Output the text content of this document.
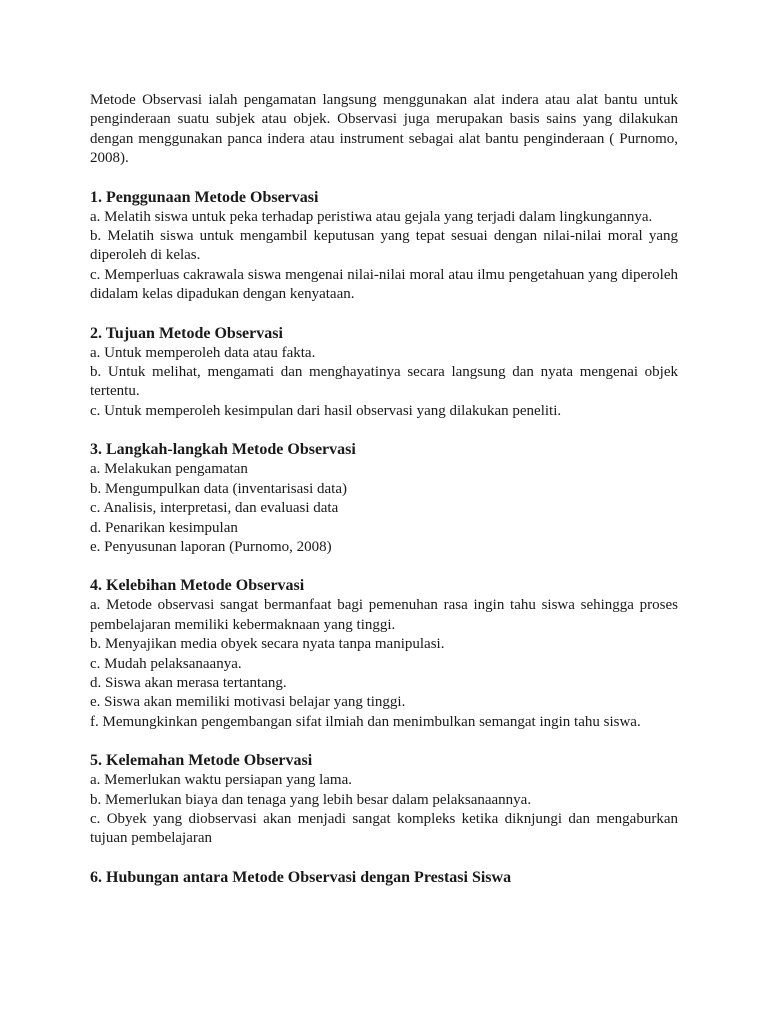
Metode Observasi ialah pengamatan langsung menggunakan alat indera atau alat bantu untuk penginderaan suatu subjek atau objek. Observasi juga merupakan basis sains yang dilakukan dengan menggunakan panca indera atau instrument sebagai alat bantu penginderaan ( Purnomo, 2008).

1. Penggunaan Metode Observasi

a. Melatih siswa untuk peka terhadap peristiwa atau gejala yang terjadi dalam lingkungannya.

b. Melatih siswa untuk mengambil keputusan yang tepat sesuai dengan nilai-nilai moral yang diperoleh di kelas.

c. Memperluas cakrawala siswa mengenai nilai-nilai moral atau ilmu pengetahuan yang diperoleh didalam kelas dipadukan dengan kenyataan.

2. Tujuan Metode Observasi

a. Untuk memperoleh data atau fakta.

b. Untuk melihat, mengamati dan menghayatinya secara langsung dan nyata mengenai objek tertentu.

c. Untuk memperoleh kesimpulan dari hasil observasi yang dilakukan peneliti.

3. Langkah-langkah Metode Observasi

a. Melakukan pengamatan

b. Mengumpulkan data (inventarisasi data)

c. Analisis, interpretasi, dan evaluasi data

d. Penarikan kesimpulan

e. Penyusunan laporan (Purnomo, 2008)

4. Kelebihan Metode Observasi

a. Metode observasi sangat bermanfaat bagi pemenuhan rasa ingin tahu siswa sehingga proses pembelajaran memiliki kebermaknaan yang tinggi.

b. Menyajikan media obyek secara nyata tanpa manipulasi.

c. Mudah pelaksanaanya.

d. Siswa akan merasa tertantang.

e. Siswa akan memiliki motivasi belajar yang tinggi.

f. Memungkinkan pengembangan sifat ilmiah dan menimbulkan semangat ingin tahu siswa.

5. Kelemahan Metode Observasi

a. Memerlukan waktu persiapan yang lama.

b. Memerlukan biaya dan tenaga yang lebih besar dalam pelaksanaannya.

c. Obyek yang diobservasi akan menjadi sangat kompleks ketika diknjungi dan mengaburkan tujuan pembelajaran

6. Hubungan antara Metode Observasi dengan Prestasi Siswa
